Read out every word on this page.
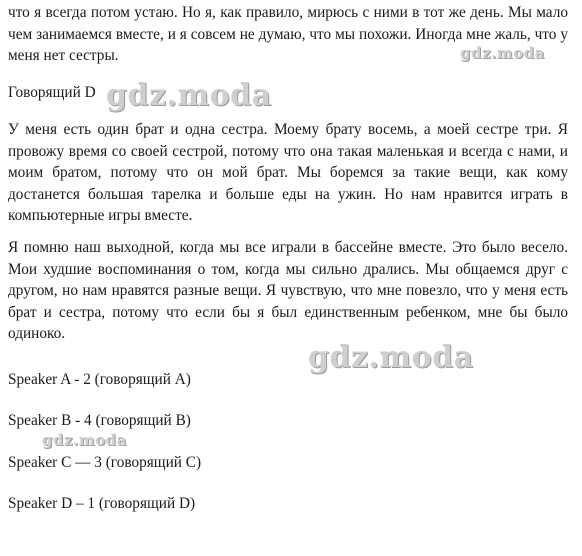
что я всегда потом устаю. Но я, как правило, мирюсь с ними в тот же день. Мы мало чем занимаемся вместе, и я совсем не думаю, что мы похожи. Иногда мне жаль, что у меня нет сестры.

Говорящий D

У меня есть один брат и одна сестра. Моему брату восемь, а моей сестре три. Я провожу время со своей сестрой, потому что она такая маленькая и всегда с нами, и моим братом, потому что он мой брат. Мы боремся за такие вещи, как кому достанется большая тарелка и больше еды на ужин. Но нам нравится играть в компьютерные игры вместе.

Я помню наш выходной, когда мы все играли в бассейне вместе. Это было весело. Мои худшие воспоминания о том, когда мы сильно дрались. Мы общаемся друг с другом, но нам нравятся разные вещи. Я чувствую, что мне повезло, что у меня есть брат и сестра, потому что если бы я был единственным ребенком, мне бы было одиноко.

Speaker A - 2 (говорящий А)

Speaker B - 4 (говорящий В)

Speaker C — 3 (говорящий С)

Speaker D – 1 (говорящий D)

gdz.moda
gdz.moda
gdz.moda
gdz.moda
